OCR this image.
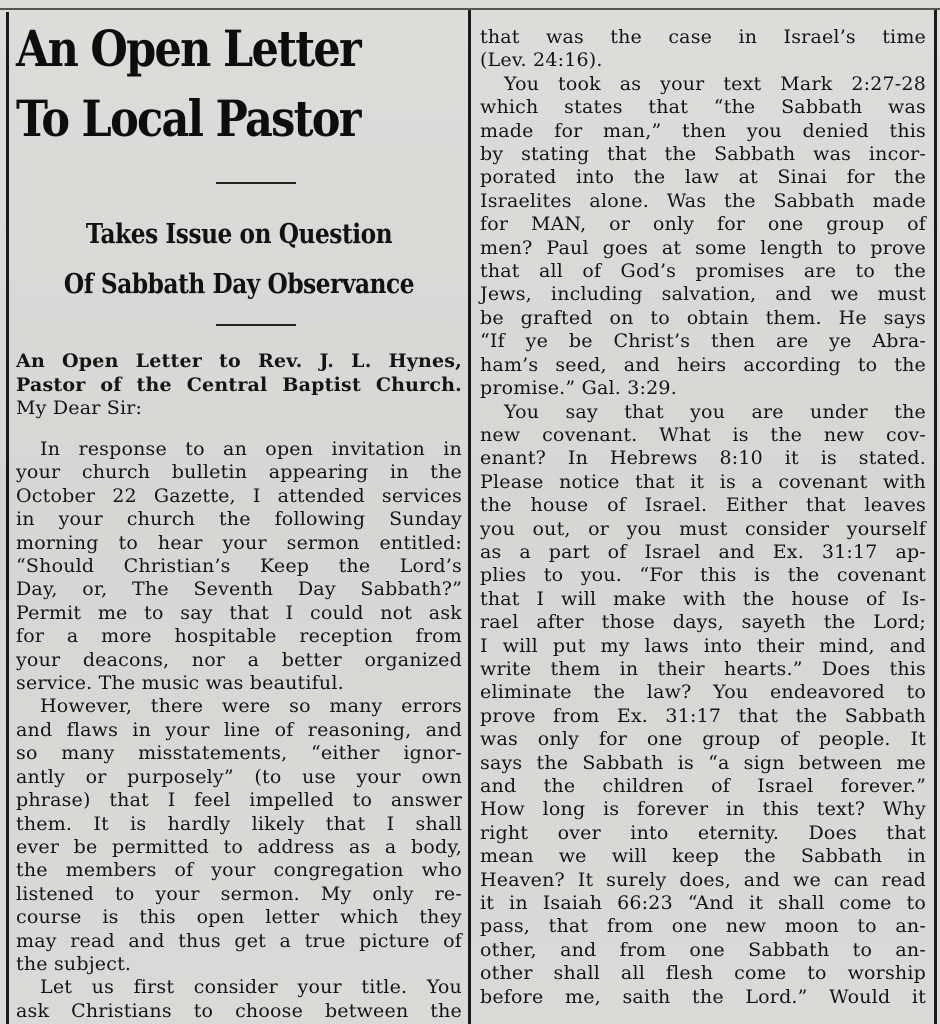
An Open Letter
To Local Pastor
Takes Issue on Question
Of Sabbath Day Observance
An Open Letter to Rev. J. L. Hynes,
Pastor of the Central Baptist Church.
My Dear Sir:
In response to an open invitation in
your church bulletin appearing in the
October 22 Gazette, I attended services
in your church the following Sunday
morning to hear your sermon entitled:
“Should Christian’s Keep the Lord’s
Day, or, The Seventh Day Sabbath?”
Permit me to say that I could not ask
for a more hospitable reception from
your deacons, nor a better organized
service. The music was beautiful.
However, there were so many errors
and flaws in your line of reasoning, and
so many misstatements, “either ignor-
antly or purposely” (to use your own
phrase) that I feel impelled to answer
them. It is hardly likely that I shall
ever be permitted to address as a body,
the members of your congregation who
listened to your sermon. My only re-
course is this open letter which they
may read and thus get a true picture of
the subject.
Let us first consider your title. You
ask Christians to choose between the
that was the case in Israel’s time
(Lev. 24:16).
You took as your text Mark 2:27-28
which states that “the Sabbath was
made for man,” then you denied this
by stating that the Sabbath was incor-
porated into the law at Sinai for the
Israelites alone. Was the Sabbath made
for MAN, or only for one group of
men? Paul goes at some length to prove
that all of God’s promises are to the
Jews, including salvation, and we must
be grafted on to obtain them. He says
“If ye be Christ’s then are ye Abra-
ham’s seed, and heirs according to the
promise.” Gal. 3:29.
You say that you are under the
new covenant. What is the new cov-
enant? In Hebrews 8:10 it is stated.
Please notice that it is a covenant with
the house of Israel. Either that leaves
you out, or you must consider yourself
as a part of Israel and Ex. 31:17 ap-
plies to you. “For this is the covenant
that I will make with the house of Is-
rael after those days, sayeth the Lord;
I will put my laws into their mind, and
write them in their hearts.” Does this
eliminate the law? You endeavored to
prove from Ex. 31:17 that the Sabbath
was only for one group of people. It
says the Sabbath is “a sign between me
and the children of Israel forever.”
How long is forever in this text? Why
right over into eternity. Does that
mean we will keep the Sabbath in
Heaven? It surely does, and we can read
it in Isaiah 66:23 “And it shall come to
pass, that from one new moon to an-
other, and from one Sabbath to an-
other shall all flesh come to worship
before me, saith the Lord.” Would it
